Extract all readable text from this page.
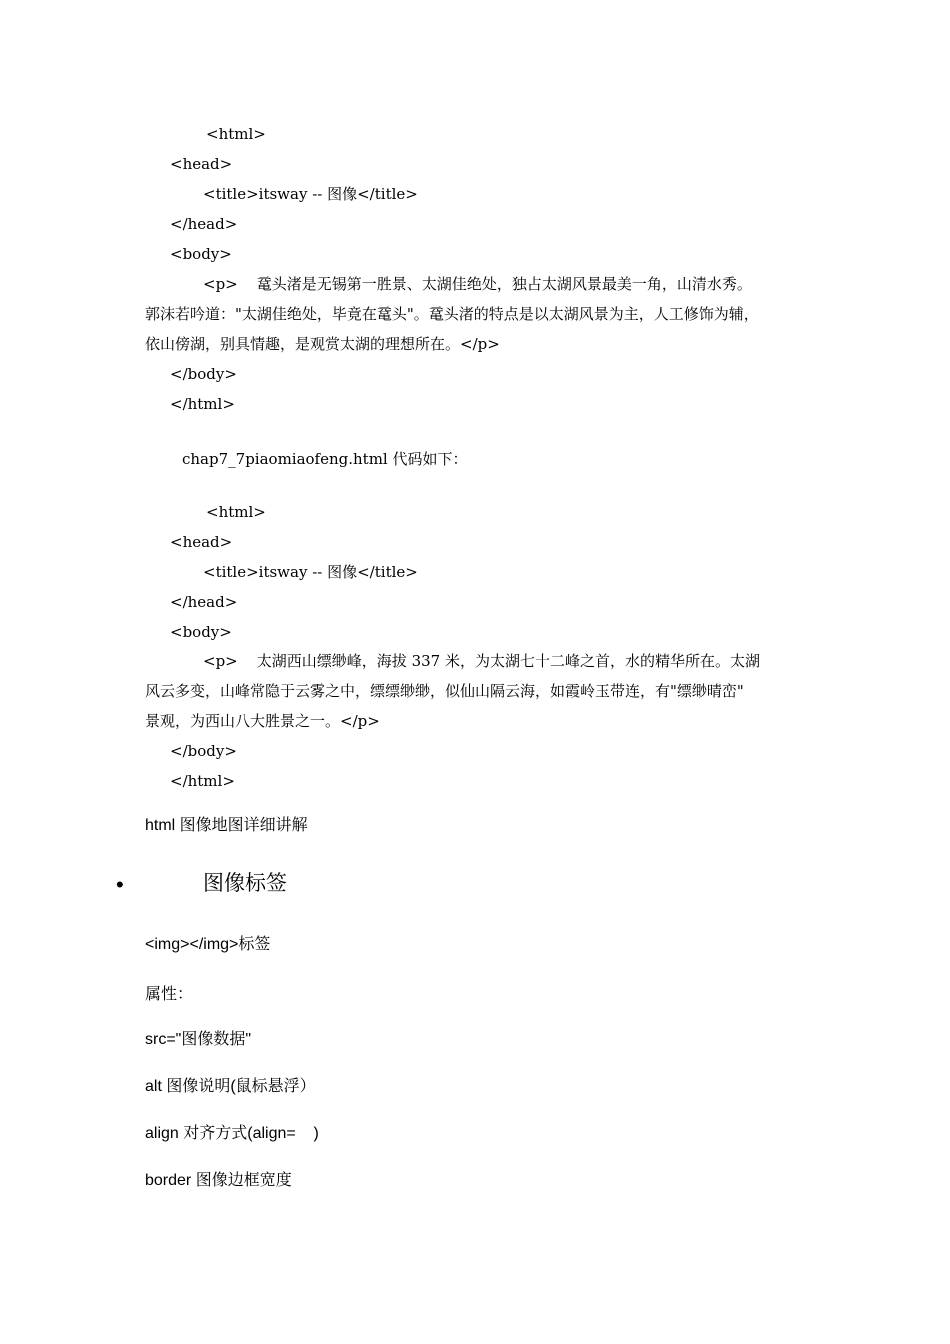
<html>
<head>
<title>itsway -- 图像</title>
</head>
<body>
<p>    鼋头渚是无锡第一胜景、太湖佳绝处，独占太湖风景最美一角，山清水秀。
郭沫若吟道："太湖佳绝处，毕竟在鼋头"。鼋头渚的特点是以太湖风景为主，人工修饰为辅，
依山傍湖，别具情趣，是观赏太湖的理想所在。</p>
</body>
</html>
chap7_7piaomiaofeng.html 代码如下：
<html>
<head>
<title>itsway -- 图像</title>
</head>
<body>
<p>    太湖西山缥缈峰，海拔 337 米，为太湖七十二峰之首，水的精华所在。太湖
风云多变，山峰常隐于云雾之中，缥缥缈缈，似仙山隔云海，如霞岭玉带连，有"缥缈晴峦"
景观，为西山八大胜景之一。</p>
</body>
</html>
html 图像地图详细讲解
•	图像标签
<img></img>标签
属性：
src="图像数据"
alt 图像说明(鼠标悬浮）
align 对齐方式(align=    )
border 图像边框宽度
